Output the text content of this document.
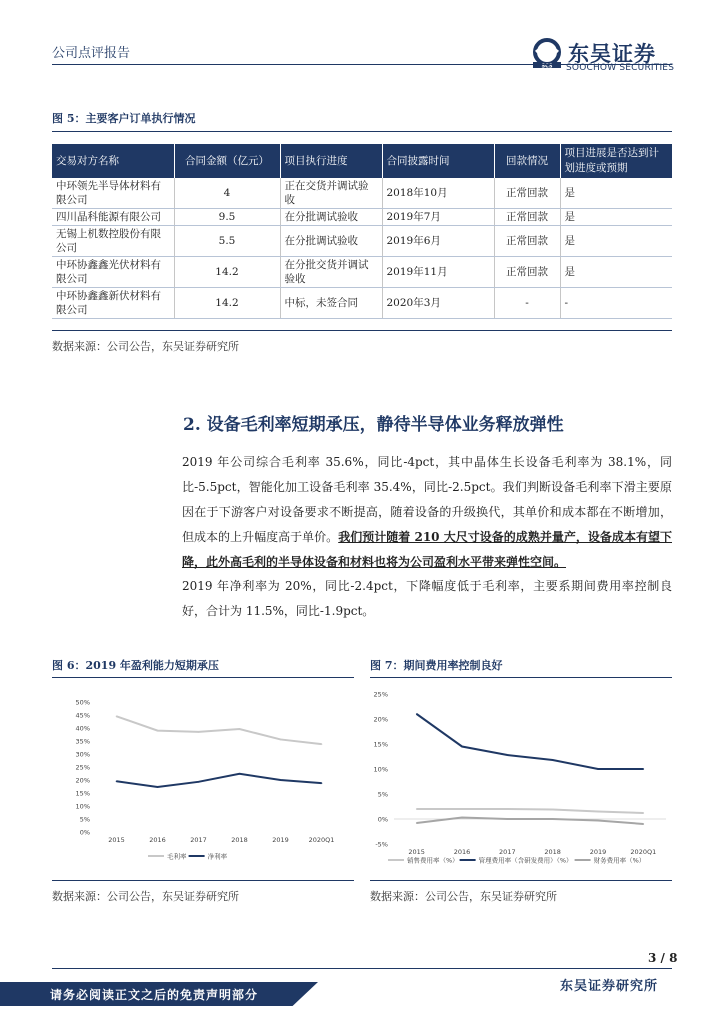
公司点评报告
SCS
东吴证券
SOOCHOW SECURITIES
图 5：主要客户订单执行情况
交易对方名称	合同金额（亿元）	项目执行进度	合同披露时间	回款情况	项目进展是否达到计划进度或预期
中环领先半导体材料有限公司	4	正在交货并调试验收	2018年10月	正常回款	是
四川晶科能源有限公司	9.5	在分批调试验收	2019年7月	正常回款	是
无锡上机数控股份有限公司	5.5	在分批调试验收	2019年6月	正常回款	是
中环协鑫鑫光伏材料有限公司	14.2	在分批交货并调试验收	2019年11月	正常回款	是
中环协鑫鑫新伏材料有限公司	14.2	中标，未签合同	2020年3月	-	-
数据来源：公司公告，东吴证券研究所
2. 设备毛利率短期承压，静待半导体业务释放弹性
2019 年公司综合毛利率 35.6%，同比-4pct，其中晶体生长设备毛利率为 38.1%，同比-5.5pct，智能化加工设备毛利率 35.4%，同比-2.5pct。我们判断设备毛利率下滑主要原因在于下游客户对设备要求不断提高，随着设备的升级换代，其单价和成本都在不断增加，但成本的上升幅度高于单价。我们预计随着 210 大尺寸设备的成熟并量产，设备成本有望下降，此外高毛利的半导体设备和材料也将为公司盈利水平带来弹性空间。
2019 年净利率为 20%，同比-2.4pct，下降幅度低于毛利率，主要系期间费用率控制良好，合计为 11.5%，同比-1.9pct。
图 6：2019 年盈利能力短期承压
0%
5%
10%
15%
20%
25%
30%
35%
40%
45%
50%
2015	2016	2017	2018	2019	2020Q1
毛利率	净利率
数据来源：公司公告，东吴证券研究所
图 7：期间费用率控制良好
-5%
0%
5%
10%
15%
20%
25%
2015	2016	2017	2018	2019	2020Q1
销售费用率（%）	管理费用率（含研发费用）（%）	财务费用率（%）
数据来源：公司公告，东吴证券研究所
3 / 8
东吴证券研究所
请务必阅读正文之后的免责声明部分
